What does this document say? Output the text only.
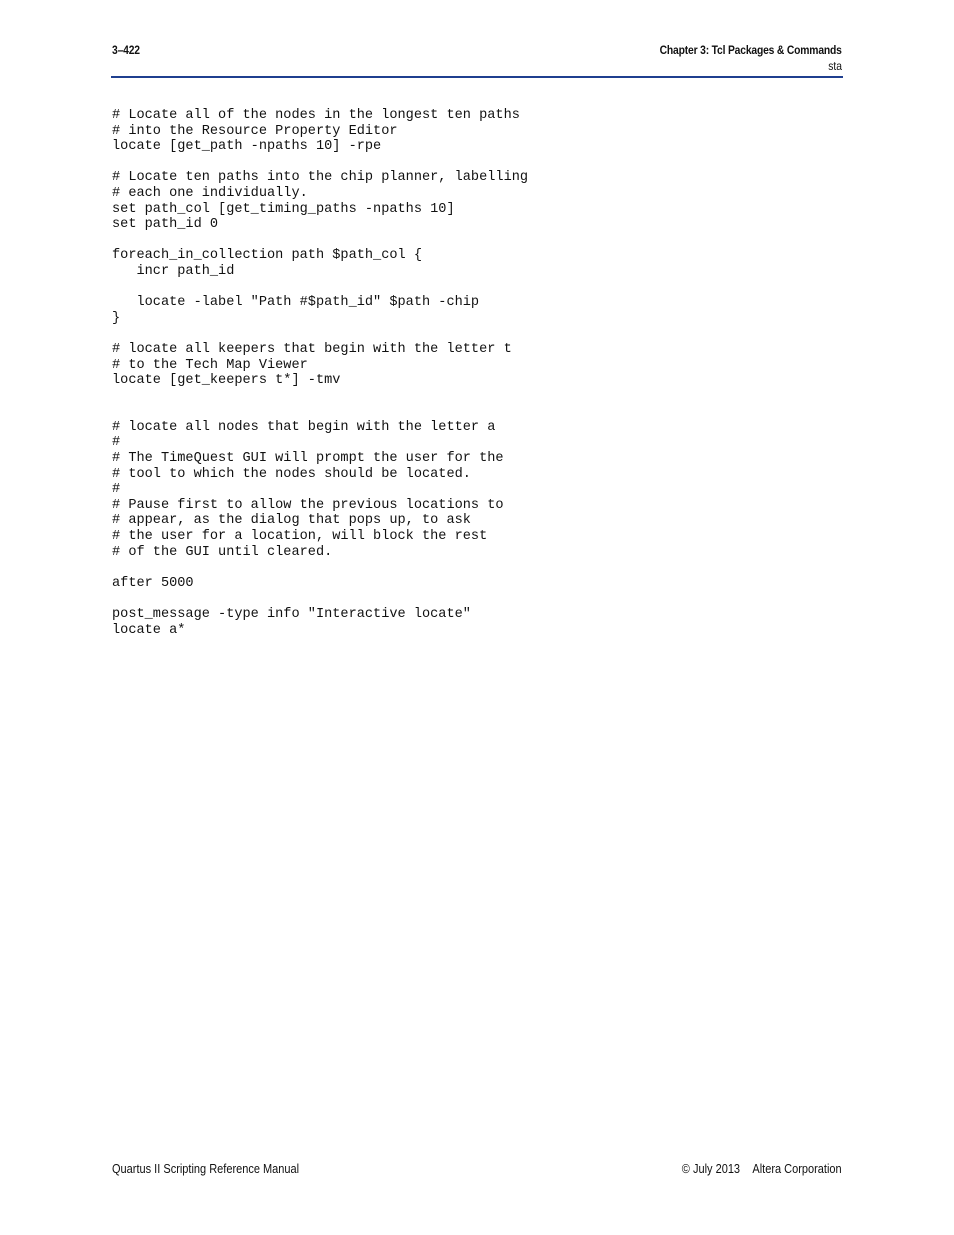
3–422	Chapter 3: Tcl Packages & Commands
sta
# Locate all of the nodes in the longest ten paths
# into the Resource Property Editor
locate [get_path -npaths 10] -rpe

# Locate ten paths into the chip planner, labelling
# each one individually.
set path_col [get_timing_paths -npaths 10]
set path_id 0

foreach_in_collection path $path_col {
incr path_id

locate -label "Path #$path_id" $path -chip
}

# locate all keepers that begin with the letter t
# to the Tech Map Viewer
locate [get_keepers t*] -tmv

# locate all nodes that begin with the letter a
#
# The TimeQuest GUI will prompt the user for the
# tool to which the nodes should be located.
#
# Pause first to allow the previous locations to
# appear, as the dialog that pops up, to ask
# the user for a location, will block the rest
# of the GUI until cleared.

after 5000

post_message -type info "Interactive locate"
locate a*
Quartus II Scripting Reference Manual	© July 2013 Altera Corporation
